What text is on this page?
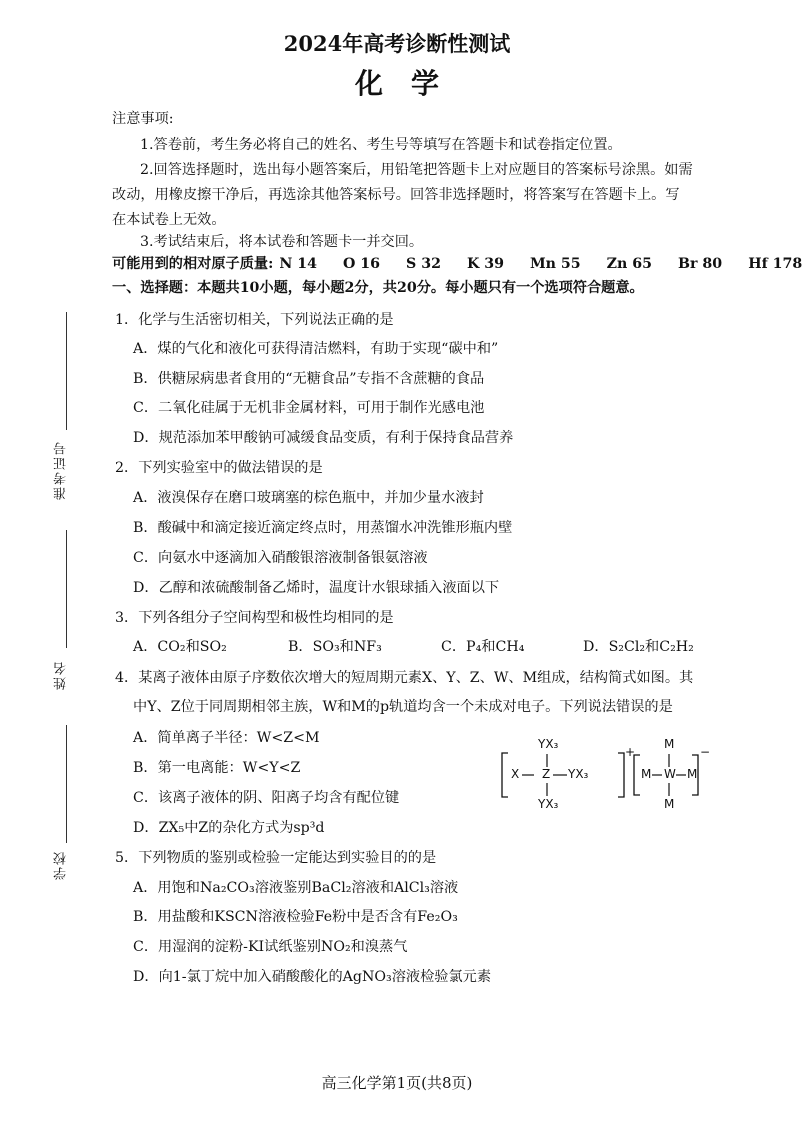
2024年高考诊断性测试
化学
准考证号
姓名
学校
注意事项:
1.答卷前，考生务必将自己的姓名、考生号等填写在答题卡和试卷指定位置。
2.回答选择题时，选出每小题答案后，用铅笔把答题卡上对应题目的答案标号涂黑。如需
改动，用橡皮擦干净后，再选涂其他答案标号。回答非选择题时，将答案写在答题卡上。写
在本试卷上无效。
3.考试结束后，将本试卷和答题卡一并交回。
可能用到的相对原子质量: N 14 O 16 S 32 K 39 Mn 55 Zn 65 Br 80 Hf 178
一、选择题：本题共10小题，每小题2分，共20分。每小题只有一个选项符合题意。
1．化学与生活密切相关，下列说法正确的是
A．煤的气化和液化可获得清洁燃料，有助于实现“碳中和”
B．供糖尿病患者食用的“无糖食品”专指不含蔗糖的食品
C．二氧化硅属于无机非金属材料，可用于制作光感电池
D．规范添加苯甲酸钠可减缓食品变质，有利于保持食品营养
2．下列实验室中的做法错误的是
A．液溴保存在磨口玻璃塞的棕色瓶中，并加少量水液封
B．酸碱中和滴定接近滴定终点时，用蒸馏水冲洗锥形瓶内壁
C．向氨水中逐滴加入硝酸银溶液制备银氨溶液
D．乙醇和浓硫酸制备乙烯时，温度计水银球插入液面以下
3．下列各组分子空间构型和极性均相同的是
A．CO₂和SO₂	B．SO₃和NF₃	C．P₄和CH₄	D．S₂Cl₂和C₂H₂
4．某离子液体由原子序数依次增大的短周期元素X、Y、Z、W、M组成，结构简式如图。其
中Y、Z位于同周期相邻主族，W和M的p轨道均含一个未成对电子。下列说法错误的是
A．简单离子半径：W<Z<M
B．第一电离能：W<Y<Z
C．该离子液体的阴、阳离子均含有配位键
D．ZX₅中Z的杂化方式为sp³d
YX₃
X Z YX₃
YX₃
+
M
M W M
M
−
5．下列物质的鉴别或检验一定能达到实验目的的是
A．用饱和Na₂CO₃溶液鉴别BaCl₂溶液和AlCl₃溶液
B．用盐酸和KSCN溶液检验Fe粉中是否含有Fe₂O₃
C．用湿润的淀粉-KI试纸鉴别NO₂和溴蒸气
D．向1-氯丁烷中加入硝酸酸化的AgNO₃溶液检验氯元素
高三化学第1页(共8页)
